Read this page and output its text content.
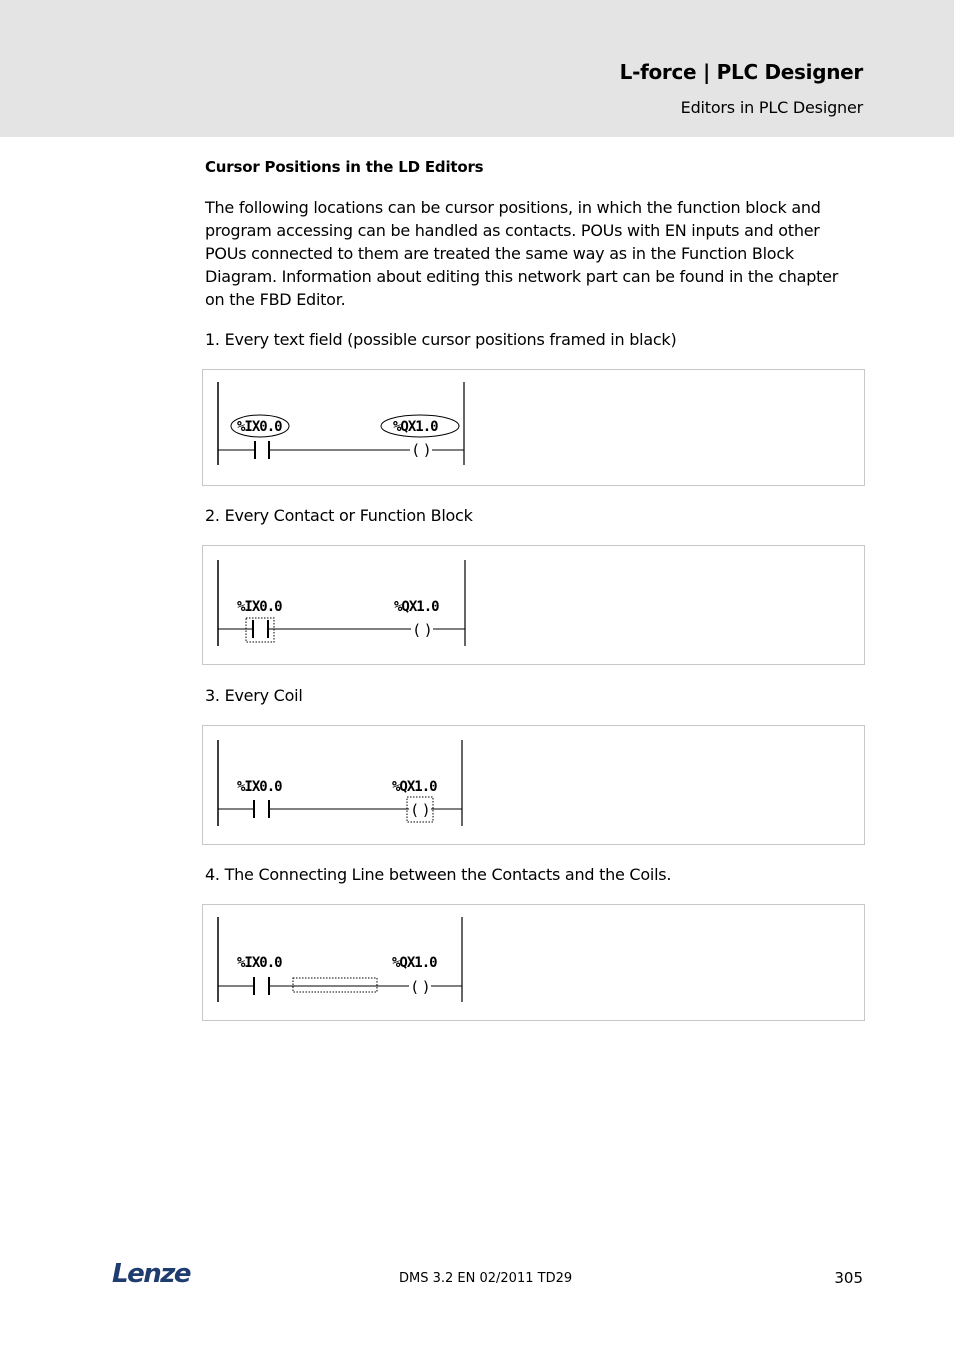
L-force | PLC Designer
Editors in PLC Designer
Cursor Positions in the LD Editors
The following locations can be cursor positions, in which the function block and program accessing can be handled as contacts. POUs with EN inputs and other POUs connected to them are treated the same way as in the Function Block Diagram. Information about editing this network part can be found in the chapter on the FBD Editor.
1. Every text field (possible cursor positions framed in black)
( )
%IX0.0	%QX1.0
2. Every Contact or Function Block
( )
%IX0.0	%QX1.0
3. Every Coil
( )
%IX0.0	%QX1.0
4. The Connecting Line between the Contacts and the Coils.
( )
%IX0.0	%QX1.0
Lenze	DMS 3.2 EN 02/2011 TD29	305
